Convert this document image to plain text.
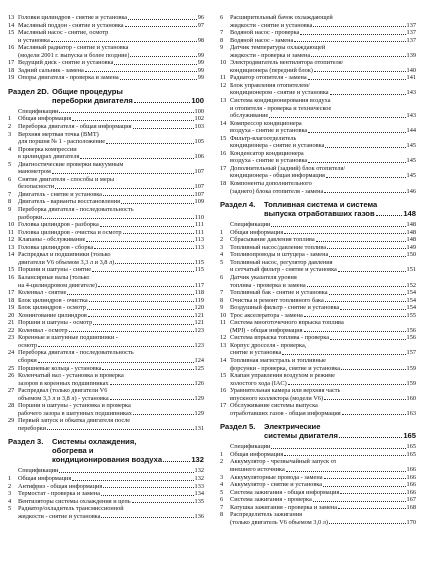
13 Головки цилиндров - снятие и установка	96
14 Масляный поддон - снятие и установка	97
15 Масляный насос - снятие, осмотр
и установка	98
16 Масляный радиатор - снятие и установка
(модели 2001 г. выпуска и более поздние)	99
17 Ведущий диск - снятие и установка	99
18 Задний сальник - замена	99
19 Опоры двигателя - проверка и замена	99
Раздел 2D. Общие процедуры
переборки двигателя	100
Спецификации	100
1	Общая информация	102
2	Переборка двигателя - общая информация	103
3	Верхняя мертвая точка (ВМТ)
для поршня № 1 - расположение	105
4	Проверка компрессии
в цилиндрах двигателя	106
5	Диагностические проверки вакуумным
манометром	107
6	Снятие двигателя - способы и меры
безопасности	107
7	Двигатель - снятие и установка	107
8	Двигатель - варианты восстановления	109
9	Переборка двигателя - последовательность
разборки	110
10 Головка цилиндров - разборка	111
11 Головка цилиндров - очистка и осмотр	111
12 Клапаны - обслуживание	113
13 Головка цилиндров - сборка	113
14 Распредвал и подшипники (только
двигатели V6 объемом 3,3 л и 3,8 л)	115
15 Поршни и шатуны - снятие	115
16 Балансирные валы (только
на 4-цилиндровом двигателе)	117
17 Коленвал - снятие	118
18 Блок цилиндров - очистка	119
19 Блок цилиндров - осмотр	120
20 Хонингование цилиндров	121
21 Поршни и шатуны - осмотр	121
22 Коленвал - осмотр	123
23 Коренные и шатунные подшипники -
осмотр	123
24 Переборка двигателя - последовательность
сборки	124
25 Поршневые кольца - установка	125
26 Коленчатый вал - установка и проверка
зазоров в коренных подшипниках	126
27 Распредвал (только двигатели V6
объемом 3,3 л и 3,8 л) - установка	129
28 Поршни и шатуны - установка и проверка
рабочего зазора в шатунных подшипниках	129
29 Первый запуск и обкатка двигателя после
переборки	131
Раздел 3.	Системы охлаждения,
обогрева и
кондиционирования воздуха	132
Спецификации	132
1	Общая информация	132
2	Антифриз - общая информация	133
3	Термостат - проверка и замена	134
4	Вентиляторы системы охлаждения и цепь	135
5	Радиатор/охладитель трансмиссионной
жидкости - снятие и установка	136
6	Расширительный бачок охлаждающей
жидкости - снятие и установка	137
7	Водяной насос - проверка	137
8	Водяной насос - замена	137
9	Датчик температуры охлаждающей
жидкости - проверка и замена	139
10 Электродвигатель вентилятора отопителя/
кондиционера (передний блок)	140
11 Радиатор отопителя - замена	141
12 Блок управления отопителем/
кондиционером - снятие и установка	143
13 Система кондиционирования воздуха
и отопителя - проверка и техническое
обслуживание	143
14 Компрессор кондиционера
воздуха - снятие и установка	144
15 Фильтр-влагоотделитель
кондиционера - снятие и установка	145
16 Конденсатор кондиционера
воздуха - снятие и установка	145
17 Дополнительный (задний) блок отопителя/
кондиционера - общая информация	145
18 Компоненты дополнительного
(заднего) блока отопителя - замена	146
Раздел 4.	Топливная система и система
выпуска отработавших газов	148
Спецификации	148
1	Общая информация	148
2	Сбрасывание давления топлива	148
3	Топливный насос/давление топлива	149
4	Топливопроводы и штуцера - замена	150
5	Топливный насос, регулятор давления
и сетчатый фильтр - снятие и установка	151
6	Датчик указателя уровня
топлива - проверка и замена	152
7	Топливный бак - снятие и установка	154
8	Очистка и ремонт топливного бака	154
9	Воздушный фильтр - снятие и установка	154
10 Трос акселератора - замена	155
11 Система многоточечного впрыска топлива
(МРI) - общая информация	156
12 Система впрыска топлива - проверка	156
13 Корпус дросселя - проверка,
снятие и установка	157
14 Топливная магистраль и топливные
форсунки - проверка, снятие и установка	159
15 Клапан управления воздухом в режиме
холостого хода (IAC)	159
16 Уравнительная камера или верхняя часть
впускного коллектора (модели V6)	160
17 Обслуживание системы выпуска
отработавших газов - общая информация	163
Раздел 5.	Электрические
системы двигателя	165
Спецификации	165
1	Общая информация	165
2	Аккумулятор - чрезвычайный запуск от
внешнего источника	166
3	Аккумуляторные провода - замена	166
4	Аккумулятор - снятие и установка	166
5	Система зажигания - общая информация	166
6	Система зажигания - проверка	167
7	Катушка зажигания - проверка и замена	168
8	Распределитель зажигания
(только двигатель V6 объемом 3,0 л)	170
